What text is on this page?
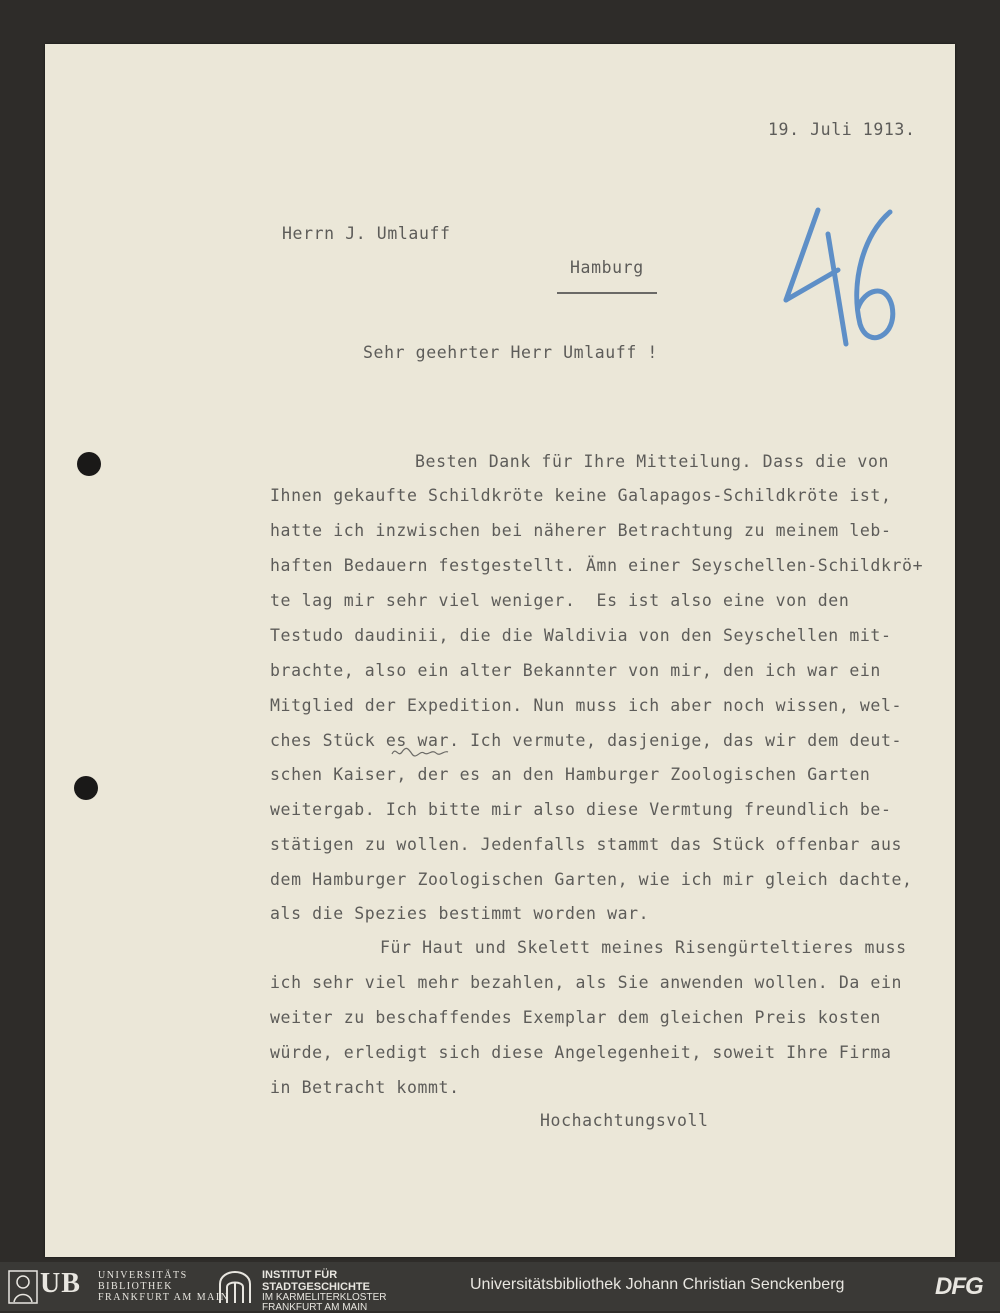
19. Juli 1913.
Herrn J. Umlauff
Hamburg
Sehr geehrter Herr Umlauff !
Besten Dank für Ihre Mitteilung. Dass die von
Ihnen gekaufte Schildkröte keine Galapagos-Schildkröte ist,
hatte ich inzwischen bei näherer Betrachtung zu meinem leb-
haften Bedauern festgestellt. Ämn einer Seyschellen-Schildkrö+
te lag mir sehr viel weniger.  Es ist also eine von den
Testudo daudinii, die die Waldivia von den Seyschellen mit-
brachte, also ein alter Bekannter von mir, den ich war ein
Mitglied der Expedition. Nun muss ich aber noch wissen, wel-
ches Stück es war. Ich vermute, dasjenige, das wir dem deut-
schen Kaiser, der es an den Hamburger Zoologischen Garten
weitergab. Ich bitte mir also diese Vermtung freundlich be-
stätigen zu wollen. Jedenfalls stammt das Stück offenbar aus
dem Hamburger Zoologischen Garten, wie ich mir gleich dachte,
als die Spezies bestimmt worden war.
Für Haut und Skelett meines Risengürteltieres muss
ich sehr viel mehr bezahlen, als Sie anwenden wollen. Da ein
weiter zu beschaffendes Exemplar dem gleichen Preis kosten
würde, erledigt sich diese Angelegenheit, soweit Ihre Firma
in Betracht kommt.
Hochachtungsvoll
UB UNIVERSITÄTS
BIBLIOTHEK
FRANKFURT AM MAIN
INSTITUT FÜR
STADTGESCHICHTE
IM KARMELITERKLOSTER
FRANKFURT AM MAIN
Universitätsbibliothek Johann Christian Senckenberg	DFG
